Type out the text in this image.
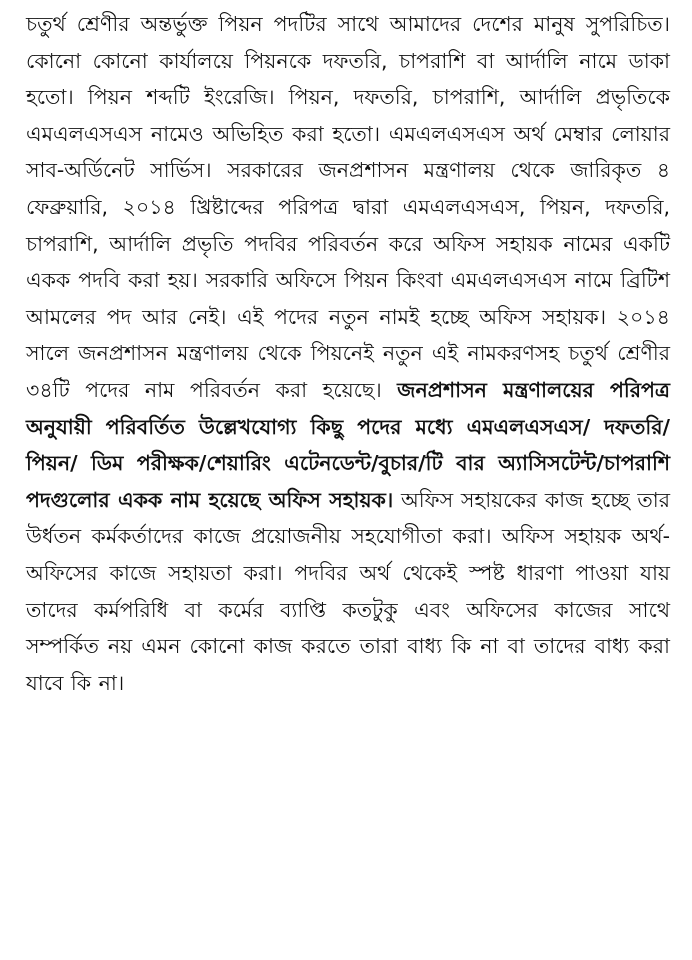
চতুর্থ শ্রেণীর অন্তর্ভুক্ত পিয়ন পদটির সাথে আমাদের দেশের মানুষ সুপরিচিত। কোনো কোনো কার্যালয়ে পিয়নকে দফতরি, চাপরাশি বা আর্দালি নামে ডাকা হতো। পিয়ন শব্দটি ইংরেজি। পিয়ন, দফতরি, চাপরাশি, আর্দালি প্রভৃতিকে এমএলএসএস নামেও অভিহিত করা হতো। এমএলএসএস অর্থ মেম্বার লোয়ার সাব-অর্ডিনেট সার্ভিস। সরকারের জনপ্রশাসন মন্ত্রণালয় থেকে জারিকৃত ৪ ফেব্রুয়ারি, ২০১৪ খ্রিষ্টাব্দের পরিপত্র দ্বারা এমএলএসএস, পিয়ন, দফতরি, চাপরাশি, আর্দালি প্রভৃতি পদবির পরিবর্তন করে অফিস সহায়ক নামের একটি একক পদবি করা হয়। সরকারি অফিসে পিয়ন কিংবা এমএলএসএস নামে ব্রিটিশ আমলের পদ আর নেই। এই পদের নতুন নামই হচ্ছে অফিস সহায়ক। ২০১৪ সালে জনপ্রশাসন মন্ত্রণালয় থেকে পিয়নেই নতুন এই নামকরণসহ চতুর্থ শ্রেণীর ৩৪টি পদের নাম পরিবর্তন করা হয়েছে। জনপ্রশাসন মন্ত্রণালয়ের পরিপত্র অনুযায়ী পরিবর্তিত উল্লেখযোগ্য কিছু পদের মধ্যে এমএলএসএস/ দফতরি/পিয়ন/ ডিম পরীক্ষক/শেয়ারিং এটেনডেন্ট/বুচার/টি বার অ্যাসিসটেন্ট/চাপরাশি পদগুলোর একক নাম হয়েছে অফিস সহায়ক। অফিস সহায়কের কাজ হচ্ছে তার উর্ধতন কর্মকর্তাদের কাজে প্রয়োজনীয় সহযোগীতা করা। অফিস সহায়ক অর্থ-অফিসের কাজে সহায়তা করা। পদবির অর্থ থেকেই স্পষ্ট ধারণা পাওয়া যায় তাদের কর্মপরিধি বা কর্মের ব্যাপ্তি কতটুকু এবং অফিসের কাজের সাথে সম্পর্কিত নয় এমন কোনো কাজ করতে তারা বাধ্য কি না বা তাদের বাধ্য করা যাবে কি না।
